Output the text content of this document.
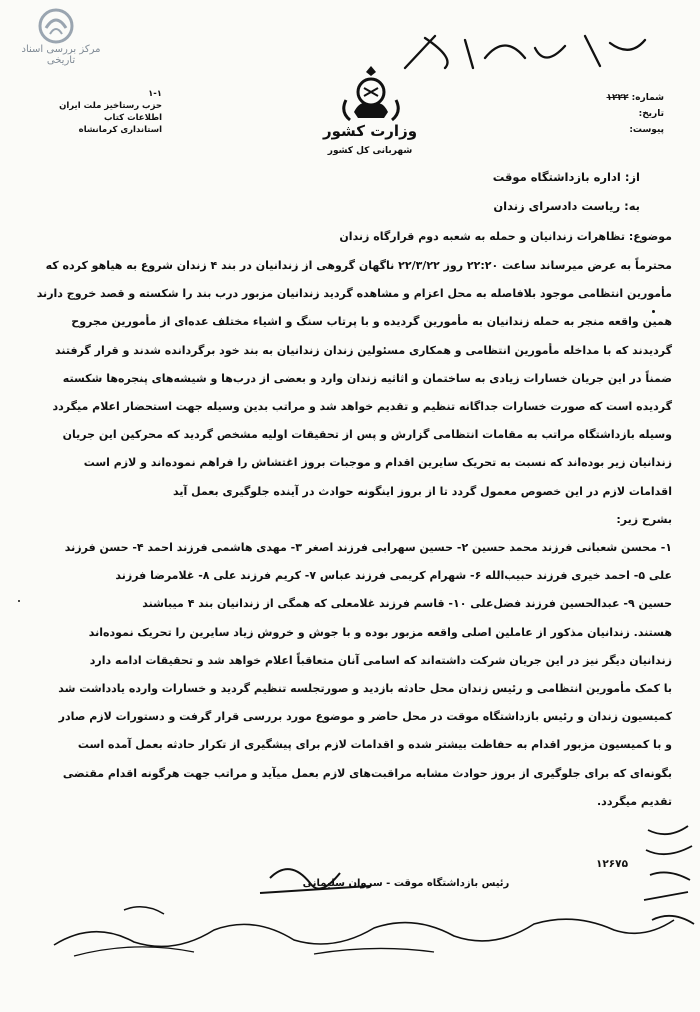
مرکز بررسی اسناد تاریخی
۱-۱
حزب رستاخیز ملت ایران
اطلاعات کتاب
استانداری کرمانشاه	وزارت کشور
شهربانی کل کشور
شماره: ۱۲۲۲
تاریخ:
پیوست:
از: اداره بازداشتگاه موقت
به: ریاست دادسرای زندان
موضوع: تظاهرات زندانیان و حمله به شعبه دوم قرارگاه زندان

محترماً به عرض میرساند ساعت ۲۲:۲۰ روز ۲۲/۳/۲۲ ناگهان گروهی از زندانیان در بند ۴ زندان شروع به هیاهو کرده که

مأمورین انتظامی موجود بلافاصله به محل اعزام و مشاهده گردید زندانیان مزبور درب بند را شکسته و قصد خروج دارند

همین واقعه منجر به حمله زندانیان به مأمورین گردیده و با پرتاب سنگ و اشیاء مختلف عده‌ای از مأمورین مجروح

گردیدند که با مداخله مأمورین انتظامی و همکاری مسئولین زندان زندانیان به بند خود برگردانده شدند و قرار گرفتند

ضمناً در این جریان خسارات زیادی به ساختمان و اثاثیه زندان وارد و بعضی از درب‌ها و شیشه‌های پنجره‌ها شکسته

گردیده است که صورت خسارات جداگانه تنظیم و تقدیم خواهد شد و مراتب بدین وسیله جهت استحضار اعلام میگردد

وسیله بازداشتگاه مراتب به مقامات انتظامی گزارش و پس از تحقیقات اولیه مشخص گردید که محرکین این جریان

زندانیان زیر بوده‌اند که نسبت به تحریک سایرین اقدام و موجبات بروز اغتشاش را فراهم نموده‌اند و لازم است

اقدامات لازم در این خصوص معمول گردد تا از بروز اینگونه حوادث در آینده جلوگیری بعمل آید

بشرح زیر:

۱- محسن شعبانی فرزند محمد حسین ۲- حسین سهرابی فرزند اصغر ۳- مهدی هاشمی فرزند احمد ۴- حسن فرزند

علی ۵- احمد خیری فرزند حبیب‌الله ۶- شهرام کریمی فرزند عباس ۷- کریم فرزند علی ۸- غلامرضا فرزند

حسین ۹- عبدالحسین فرزند فضل‌علی ۱۰- قاسم فرزند غلامعلی که همگی از زندانیان بند ۴ میباشند

هستند. زندانیان مذکور از عاملین اصلی واقعه مزبور بوده و با جوش و خروش زیاد سایرین را تحریک نموده‌اند

زندانیان دیگر نیز در این جریان شرکت داشته‌اند که اسامی آنان متعاقباً اعلام خواهد شد و تحقیقات ادامه دارد

با کمک مأمورین انتظامی و رئیس زندان محل حادثه بازدید و صورتجلسه تنظیم گردید و خسارات وارده یادداشت شد

کمیسیون زندان و رئیس بازداشتگاه موقت در محل حاضر و موضوع مورد بررسی قرار گرفت و دستورات لازم صادر

و با کمیسیون مزبور اقدام به حفاظت بیشتر شده و اقدامات لازم برای پیشگیری از تکرار حادثه بعمل آمده است

بگونه‌ای که برای جلوگیری از بروز حوادث مشابه مراقبت‌های لازم بعمل میآید و مراتب جهت هرگونه اقدام مقتضی

تقدیم میگردد.

۱۲۶۷۵
رئیس بازداشتگاه موقت - سروان سلیمانی
